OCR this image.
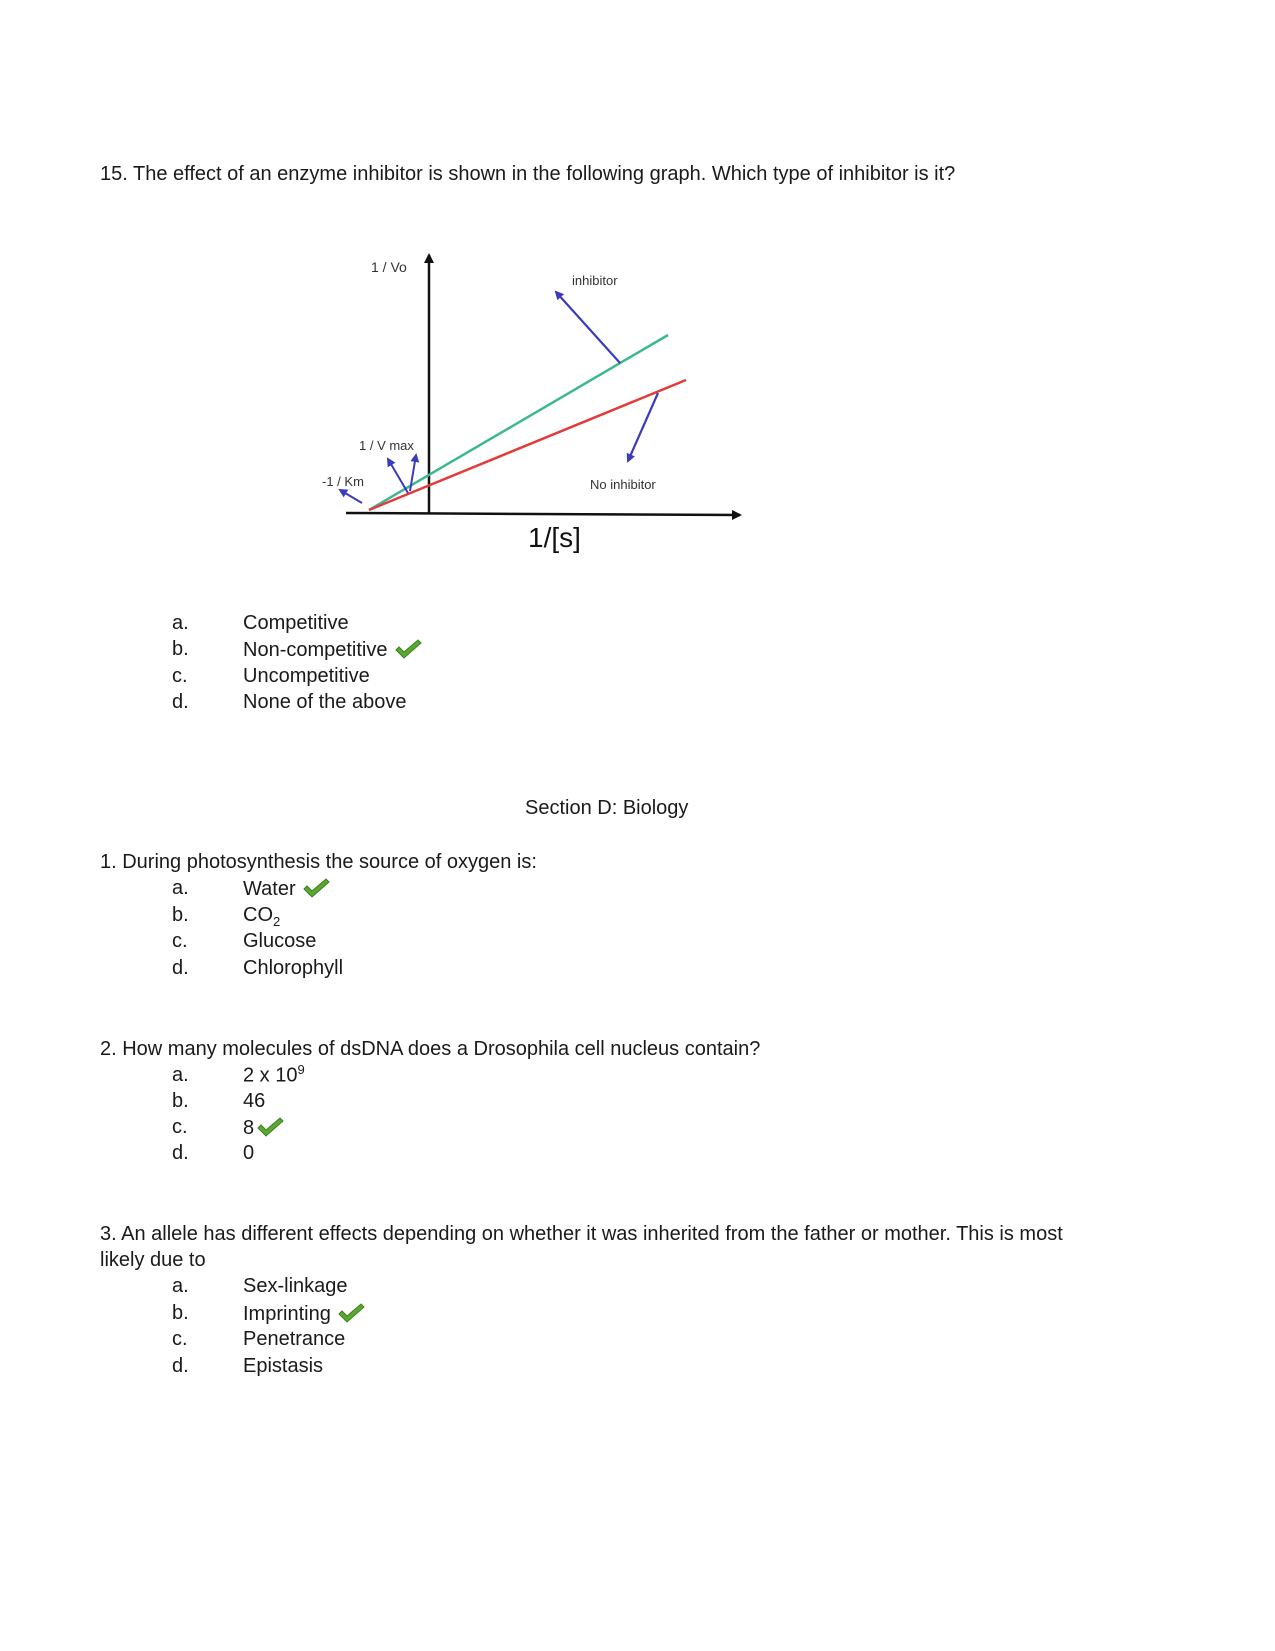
15. The effect of an enzyme inhibitor is shown in the following graph. Which type of inhibitor is it?
1 / Vo
1 / V max
-1 / Km
inhibitor
No inhibitor
1/[s]
a.	Competitive
b.	Non-competitive
c.	Uncompetitive
d.	None of the above
Section D: Biology
1. During photosynthesis the source of oxygen is:
a.	Water
b.	$CO_2$
c.	Glucose
d.	Chlorophyll
2. How many molecules of dsDNA does a Drosophila cell nucleus contain?
a.	2 x $10^9$
b.	46
c.	8
d.	0
3. An allele has different effects depending on whether it was inherited from the father or mother. This is most
likely due to
a.	Sex-linkage
b.	Imprinting
c.	Penetrance
d.	Epistasis
